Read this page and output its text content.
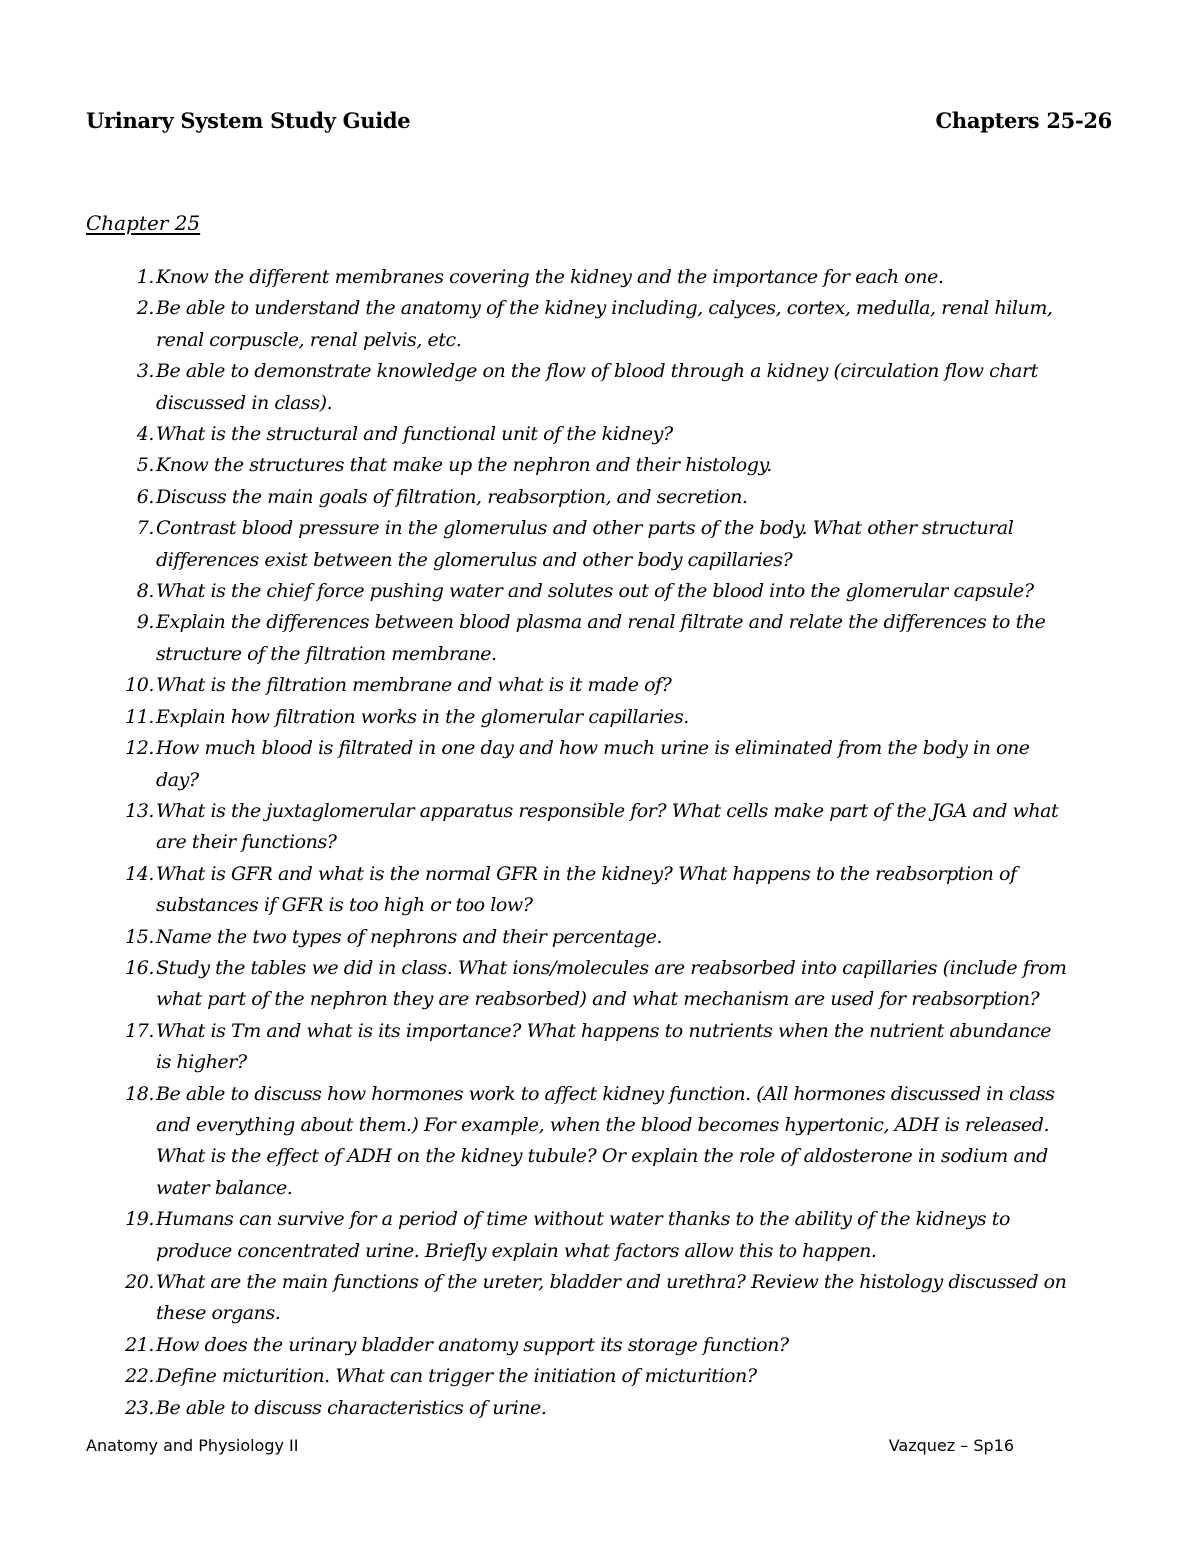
Urinary System Study Guide	Chapters 25-26
Chapter 25
1. Know the different membranes covering the kidney and the importance for each one.
2. Be able to understand the anatomy of the kidney including, calyces, cortex, medulla, renal hilum,
renal corpuscle, renal pelvis, etc.
3. Be able to demonstrate knowledge on the flow of blood through a kidney (circulation flow chart
discussed in class).
4. What is the structural and functional unit of the kidney?
5. Know the structures that make up the nephron and their histology.
6. Discuss the main goals of filtration, reabsorption, and secretion.
7. Contrast blood pressure in the glomerulus and other parts of the body. What other structural
differences exist between the glomerulus and other body capillaries?
8. What is the chief force pushing water and solutes out of the blood into the glomerular capsule?
9. Explain the differences between blood plasma and renal filtrate and relate the differences to the
structure of the filtration membrane.
10. What is the filtration membrane and what is it made of?
11. Explain how filtration works in the glomerular capillaries.
12. How much blood is filtrated in one day and how much urine is eliminated from the body in one
day?
13. What is the juxtaglomerular apparatus responsible for? What cells make part of the JGA and what
are their functions?
14. What is GFR and what is the normal GFR in the kidney? What happens to the reabsorption of
substances if GFR is too high or too low?
15. Name the two types of nephrons and their percentage.
16. Study the tables we did in class. What ions/molecules are reabsorbed into capillaries (include from
what part of the nephron they are reabsorbed) and what mechanism are used for reabsorption?
17. What is Tm and what is its importance? What happens to nutrients when the nutrient abundance
is higher?
18. Be able to discuss how hormones work to affect kidney function. (All hormones discussed in class
and everything about them.) For example, when the blood becomes hypertonic, ADH is released.
What is the effect of ADH on the kidney tubule? Or explain the role of aldosterone in sodium and
water balance.
19. Humans can survive for a period of time without water thanks to the ability of the kidneys to
produce concentrated urine. Briefly explain what factors allow this to happen.
20. What are the main functions of the ureter, bladder and urethra? Review the histology discussed on
these organs.
21. How does the urinary bladder anatomy support its storage function?
22. Define micturition. What can trigger the initiation of micturition?
23. Be able to discuss characteristics of urine.
Anatomy and Physiology II	Vazquez – Sp16
